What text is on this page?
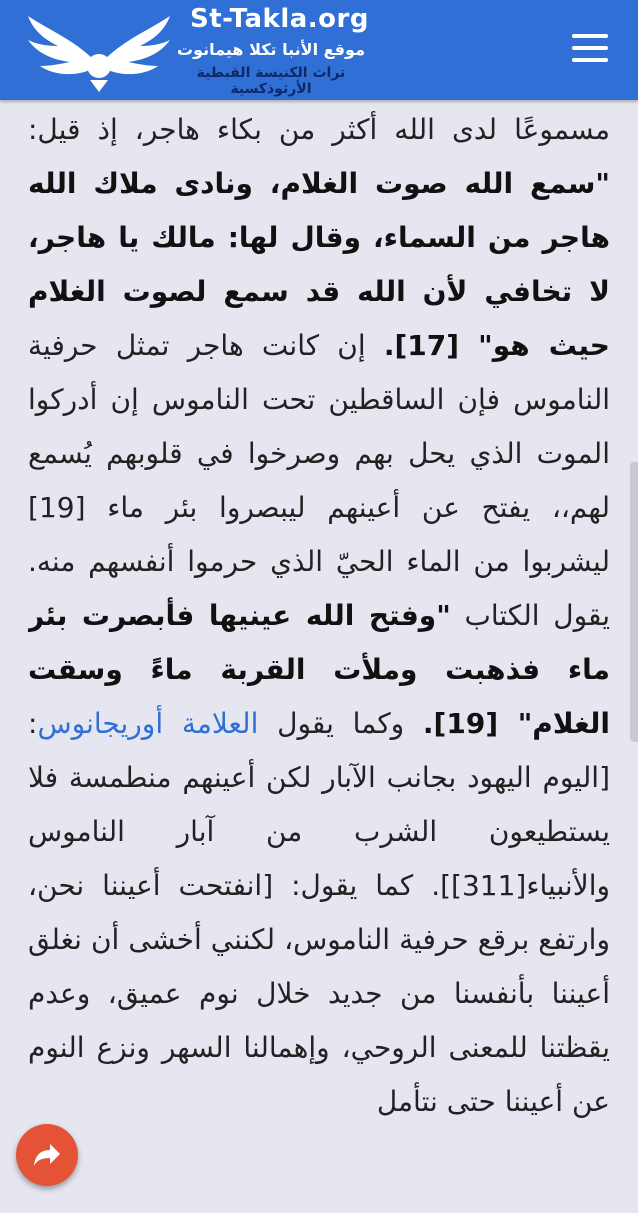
St-Takla.org
موقع الأنبا تكلا هيمانوت
تراث الكنيسة القبطية الأرثوذكسية

مسموعًا لدى الله أكثر من بكاء هاجر، إذ قيل: "سمع الله صوت الغلام، ونادى ملاك الله هاجر من السماء، وقال لها: مالك يا هاجر، لا تخافي لأن الله قد سمع لصوت الغلام حيث هو" [17]. إن كانت هاجر تمثل حرفية الناموس فإن الساقطين تحت الناموس إن أدركوا الموت الذي يحل بهم وصرخوا في قلوبهم يُسمع لهم،، يفتح عن أعينهم ليبصروا بئر ماء [19] ليشربوا من الماء الحيّ الذي حرموا أنفسهم منه. يقول الكتاب "وفتح الله عينيها فأبصرت بئر ماء فذهبت وملأت القربة ماءً وسقت الغلام" [19]. وكما يقول العلامة أوريجانوس: [اليوم اليهود بجانب الآبار لكن أعينهم منطمسة فلا يستطيعون الشرب من آبار الناموس والأنبياء[311]]. كما يقول: [انفتحت أعيننا نحن، وارتفع برقع حرفية الناموس، لكنني أخشى أن نغلق أعيننا بأنفسنا من جديد خلال نوم عميق، وعدم يقظتنا للمعنى الروحي، وإهمالنا السهر ونزع النوم عن أعيننا حتى نتأمل
